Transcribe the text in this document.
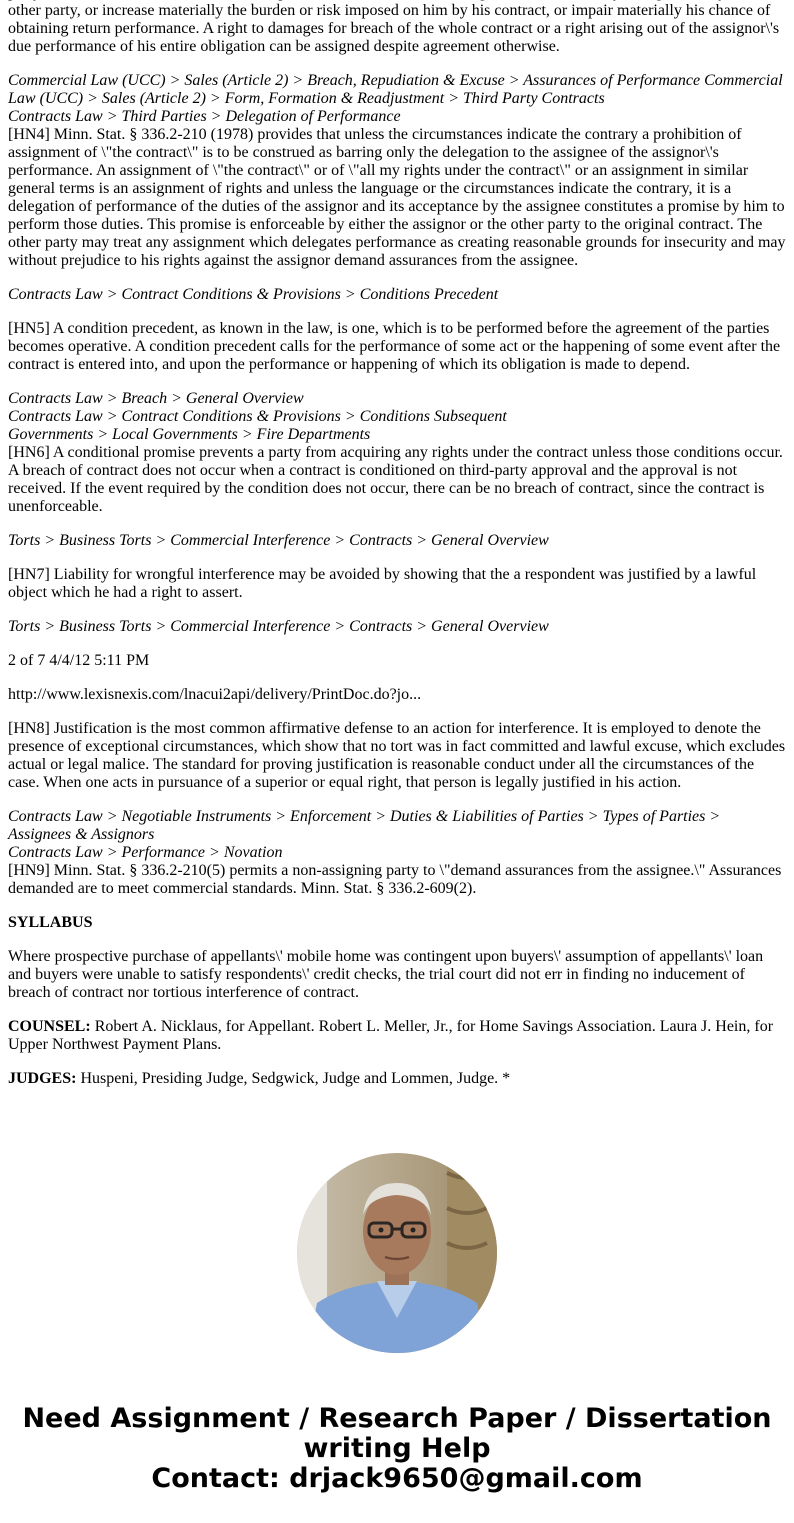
other party, or increase materially the burden or risk imposed on him by his contract, or impair materially his chance of obtaining return performance. A right to damages for breach of the whole contract or a right arising out of the assignor\'s due performance of his entire obligation can be assigned despite agreement otherwise.

Commercial Law (UCC) > Sales (Article 2) > Breach, Repudiation & Excuse > Assurances of Performance Commercial Law (UCC) > Sales (Article 2) > Form, Formation & Readjustment > Third Party Contracts
Contracts Law > Third Parties > Delegation of Performance
[HN4] Minn. Stat. § 336.2-210 (1978) provides that unless the circumstances indicate the contrary a prohibition of assignment of \"the contract\" is to be construed as barring only the delegation to the assignee of the assignor\'s performance. An assignment of \"the contract\" or of \"all my rights under the contract\" or an assignment in similar general terms is an assignment of rights and unless the language or the circumstances indicate the contrary, it is a delegation of performance of the duties of the assignor and its acceptance by the assignee constitutes a promise by him to perform those duties. This promise is enforceable by either the assignor or the other party to the original contract. The other party may treat any assignment which delegates performance as creating reasonable grounds for insecurity and may without prejudice to his rights against the assignor demand assurances from the assignee.

Contracts Law > Contract Conditions & Provisions > Conditions Precedent

[HN5] A condition precedent, as known in the law, is one, which is to be performed before the agreement of the parties becomes operative. A condition precedent calls for the performance of some act or the happening of some event after the contract is entered into, and upon the performance or happening of which its obligation is made to depend.

Contracts Law > Breach > General Overview
Contracts Law > Contract Conditions & Provisions > Conditions Subsequent
Governments > Local Governments > Fire Departments
[HN6] A conditional promise prevents a party from acquiring any rights under the contract unless those conditions occur. A breach of contract does not occur when a contract is conditioned on third-party approval and the approval is not received. If the event required by the condition does not occur, there can be no breach of contract, since the contract is unenforceable.

Torts > Business Torts > Commercial Interference > Contracts > General Overview

[HN7] Liability for wrongful interference may be avoided by showing that the a respondent was justified by a lawful object which he had a right to assert.

Torts > Business Torts > Commercial Interference > Contracts > General Overview

2 of 7 4/4/12 5:11 PM

http://www.lexisnexis.com/lnacui2api/delivery/PrintDoc.do?jo...

[HN8] Justification is the most common affirmative defense to an action for interference. It is employed to denote the presence of exceptional circumstances, which show that no tort was in fact committed and lawful excuse, which excludes actual or legal malice. The standard for proving justification is reasonable conduct under all the circumstances of the case. When one acts in pursuance of a superior or equal right, that person is legally justified in his action.

Contracts Law > Negotiable Instruments > Enforcement > Duties & Liabilities of Parties > Types of Parties > Assignees & Assignors
Contracts Law > Performance > Novation
[HN9] Minn. Stat. § 336.2-210(5) permits a non-assigning party to \"demand assurances from the assignee.\" Assurances demanded are to meet commercial standards. Minn. Stat. § 336.2-609(2).

SYLLABUS

Where prospective purchase of appellants\' mobile home was contingent upon buyers\' assumption of appellants\' loan and buyers were unable to satisfy respondents\' credit checks, the trial court did not err in finding no inducement of breach of contract nor tortious interference of contract.

COUNSEL: Robert A. Nicklaus, for Appellant. Robert L. Meller, Jr., for Home Savings Association. Laura J. Hein, for Upper Northwest Payment Plans.

JUDGES: Huspeni, Presiding Judge, Sedgwick, Judge and Lommen, Judge. *

Need Assignment / Research Paper / Dissertation
writing Help
Contact: drjack9650@gmail.com
